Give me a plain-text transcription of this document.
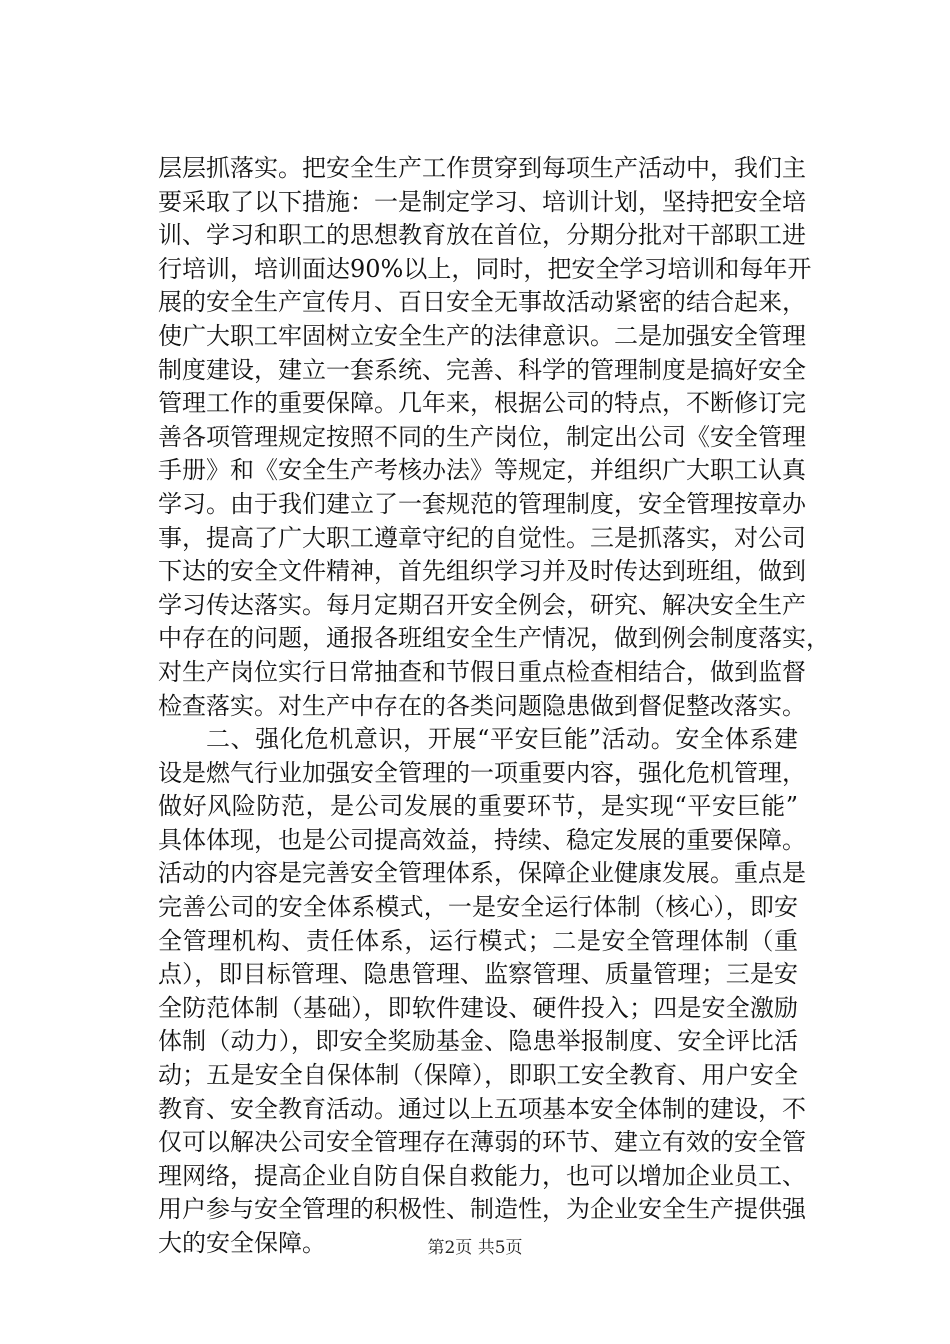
层层抓落实。把安全生产工作贯穿到每项生产活动中，我们主
要采取了以下措施：一是制定学习、培训计划，坚持把安全培
训、学习和职工的思想教育放在首位，分期分批对干部职工进
行培训，培训面达90%以上，同时，把安全学习培训和每年开
展的安全生产宣传月、百日安全无事故活动紧密的结合起来，
使广大职工牢固树立安全生产的法律意识。二是加强安全管理
制度建设，建立一套系统、完善、科学的管理制度是搞好安全
管理工作的重要保障。几年来，根据公司的特点，不断修订完
善各项管理规定按照不同的生产岗位，制定出公司《安全管理
手册》和《安全生产考核办法》等规定，并组织广大职工认真
学习。由于我们建立了一套规范的管理制度，安全管理按章办
事，提高了广大职工遵章守纪的自觉性。三是抓落实，对公司
下达的安全文件精神，首先组织学习并及时传达到班组，做到
学习传达落实。每月定期召开安全例会，研究、解决安全生产
中存在的问题，通报各班组安全生产情况，做到例会制度落实，
对生产岗位实行日常抽查和节假日重点检查相结合，做到监督
检查落实。对生产中存在的各类问题隐患做到督促整改落实。
二、强化危机意识，开展“平安巨能”活动。安全体系建
设是燃气行业加强安全管理的一项重要内容，强化危机管理，
做好风险防范，是公司发展的重要环节，是实现“平安巨能”
具体体现，也是公司提高效益，持续、稳定发展的重要保障。
活动的内容是完善安全管理体系，保障企业健康发展。重点是
完善公司的安全体系模式，一是安全运行体制（核心），即安
全管理机构、责任体系，运行模式；二是安全管理体制（重
点），即目标管理、隐患管理、监察管理、质量管理；三是安
全防范体制（基础），即软件建设、硬件投入；四是安全激励
体制（动力），即安全奖励基金、隐患举报制度、安全评比活
动；五是安全自保体制（保障），即职工安全教育、用户安全
教育、安全教育活动。通过以上五项基本安全体制的建设，不
仅可以解决公司安全管理存在薄弱的环节、建立有效的安全管
理网络，提高企业自防自保自救能力，也可以增加企业员工、
用户参与安全管理的积极性、制造性，为企业安全生产提供强
大的安全保障。	第2页 共5页
